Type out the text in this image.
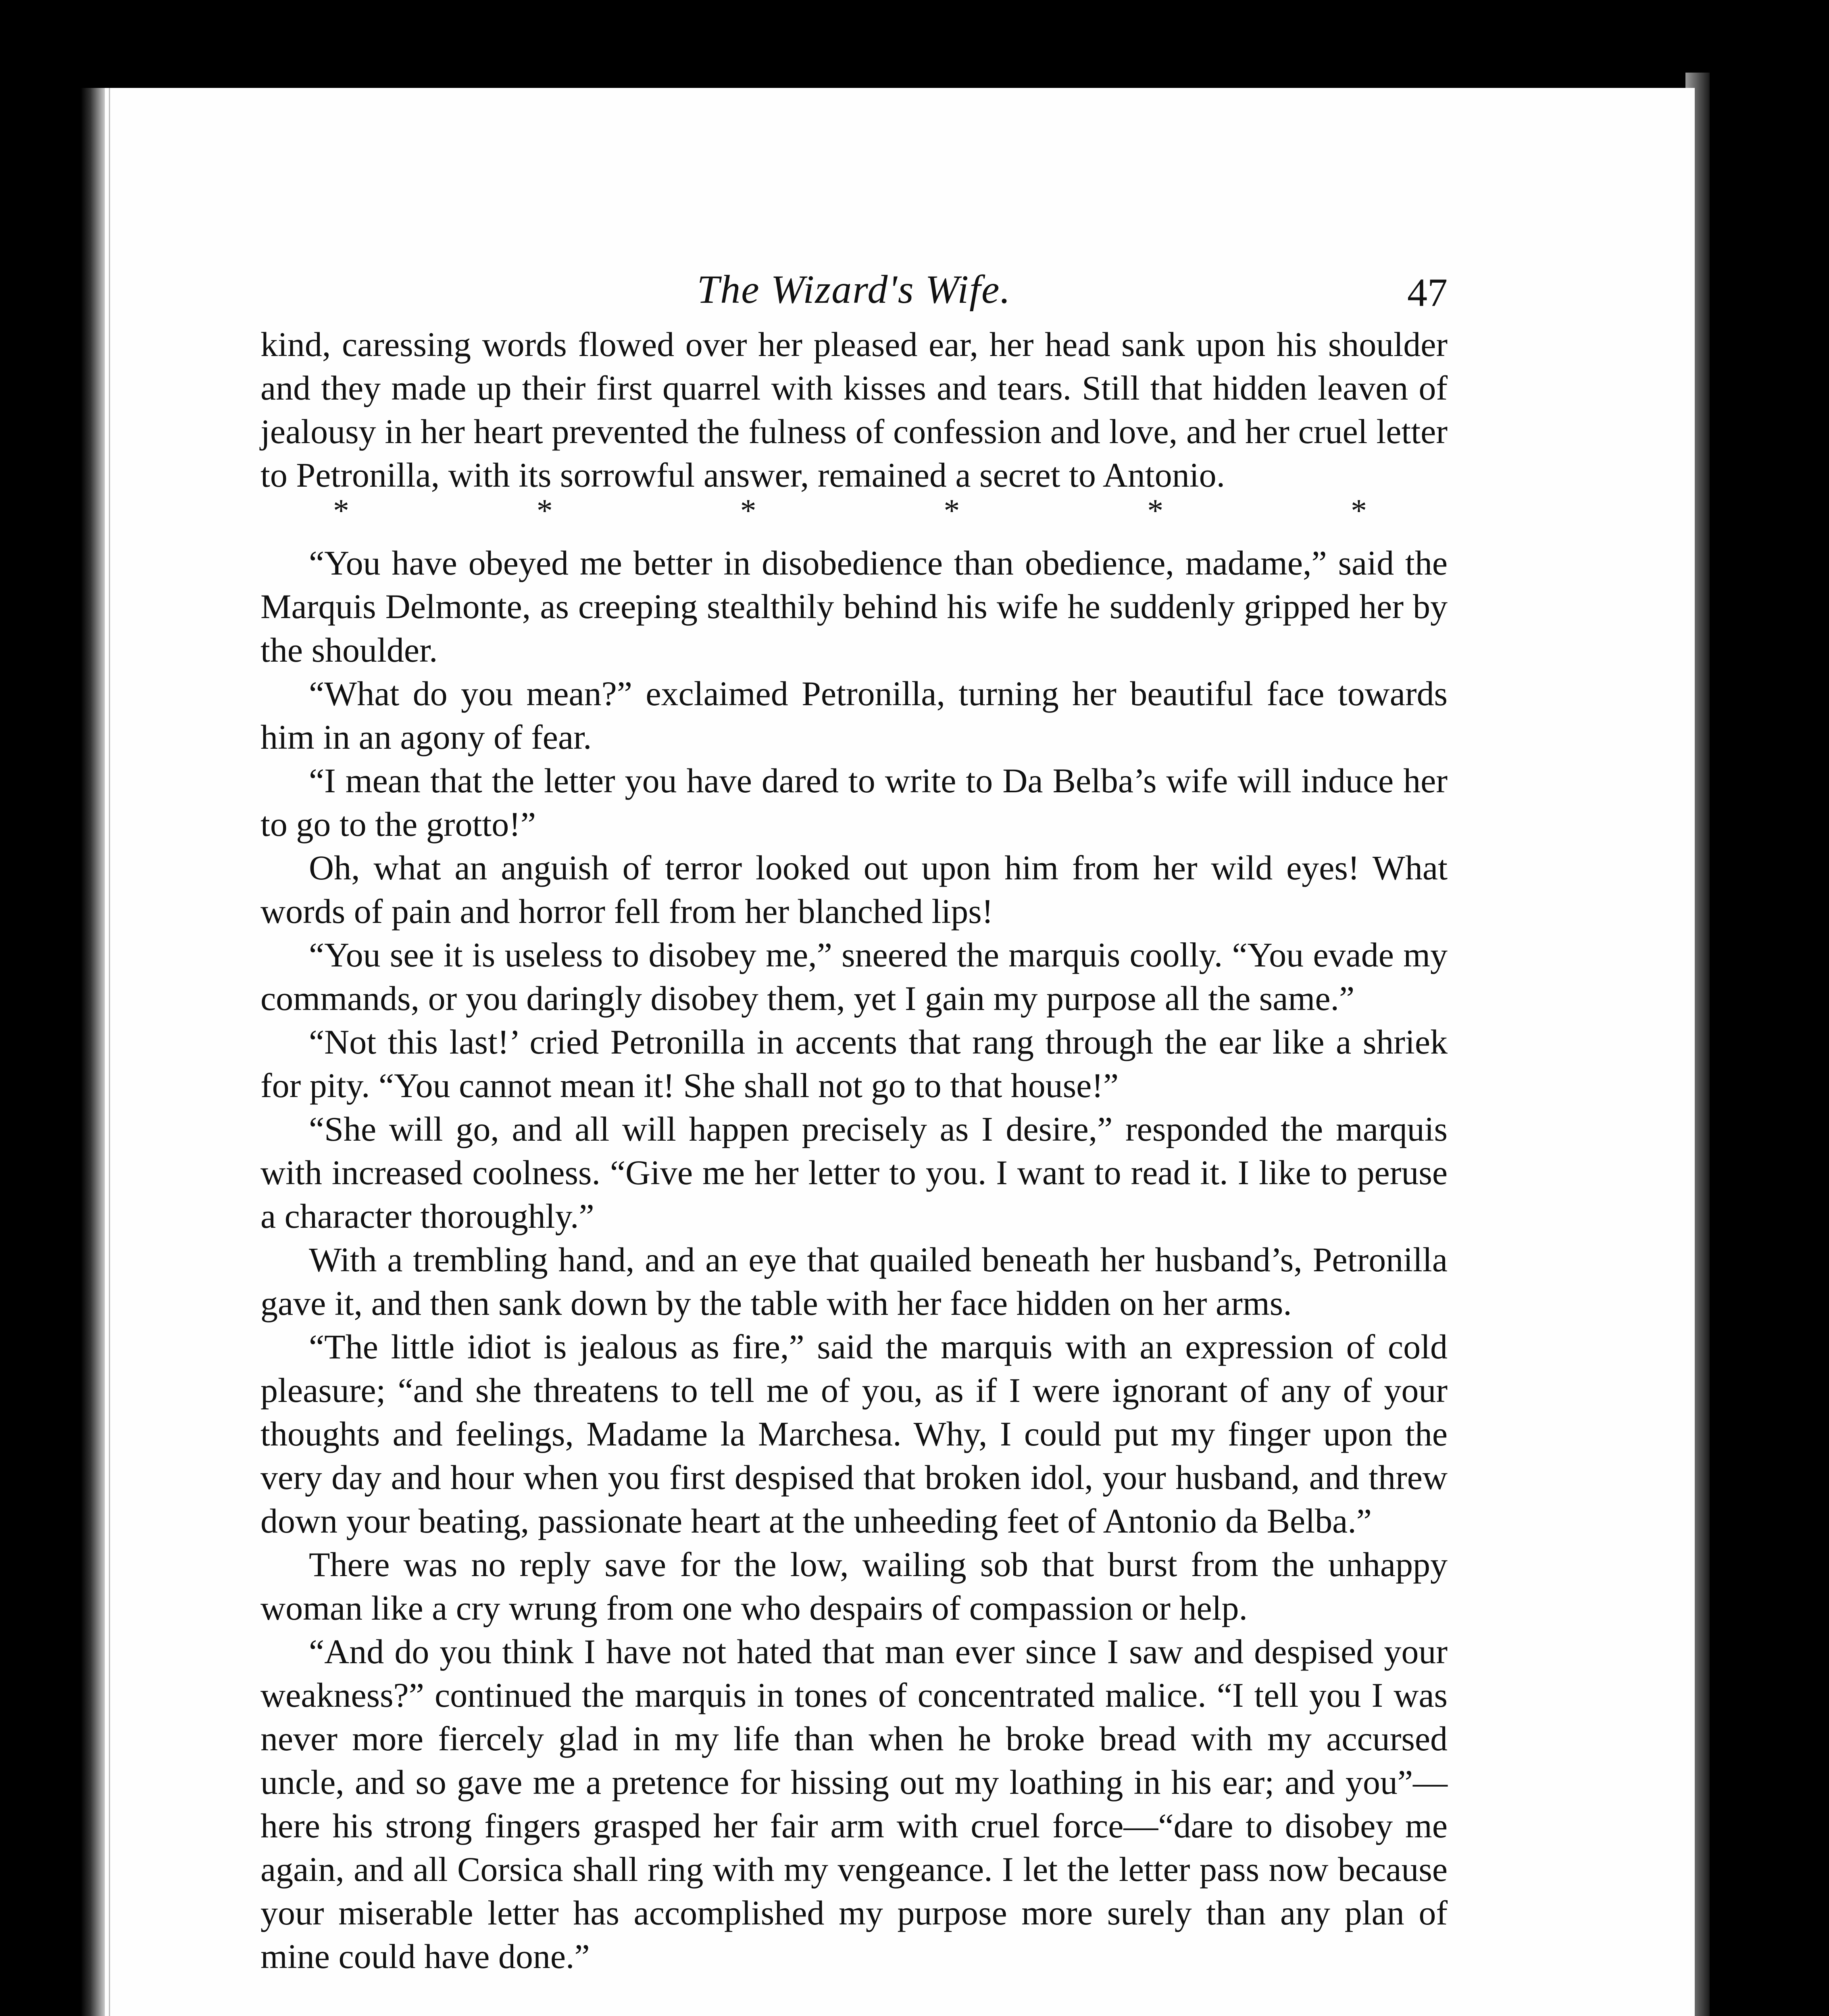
The Wizard's Wife.	47

kind, caressing words flowed over her pleased ear, her head sank upon his shoulder and they made up their first quarrel with kisses and tears. Still that hidden leaven of jealousy in her heart prevented the fulness of confession and love, and her cruel letter to Petronilla, with its sorrowful answer, remained a secret to Antonio.

*	*	*	*	*	*

“You have obeyed me better in disobedience than obedience, madame,” said the Marquis Delmonte, as creeping stealthily behind his wife he suddenly gripped her by the shoulder.

“What do you mean?” exclaimed Petronilla, turning her beautiful face towards him in an agony of fear.

“I mean that the letter you have dared to write to Da Belba’s wife will induce her to go to the grotto!”

Oh, what an anguish of terror looked out upon him from her wild eyes! What words of pain and horror fell from her blanched lips!

“You see it is useless to disobey me,” sneered the marquis coolly. “You evade my commands, or you daringly disobey them, yet I gain my purpose all the same.”

“Not this last!’ cried Petronilla in accents that rang through the ear like a shriek for pity. “You cannot mean it! She shall not go to that house!”

“She will go, and all will happen precisely as I desire,” responded the marquis with increased coolness. “Give me her letter to you. I want to read it. I like to peruse a character thoroughly.”

With a trembling hand, and an eye that quailed beneath her husband’s, Petronilla gave it, and then sank down by the table with her face hidden on her arms.

“The little idiot is jealous as fire,” said the marquis with an expression of cold pleasure; “and she threatens to tell me of you, as if I were ignorant of any of your thoughts and feelings, Madame la Marchesa. Why, I could put my finger upon the very day and hour when you first despised that broken idol, your husband, and threw down your beating, passionate heart at the unheeding feet of Antonio da Belba.”

There was no reply save for the low, wailing sob that burst from the unhappy woman like a cry wrung from one who despairs of compassion or help.

“And do you think I have not hated that man ever since I saw and despised your weakness?” continued the marquis in tones of concentrated malice. “I tell you I was never more fiercely glad in my life than when he broke bread with my accursed uncle, and so gave me a pretence for hissing out my loathing in his ear; and you”—here his strong fingers grasped her fair arm with cruel force—“dare to disobey me again, and all Corsica shall ring with my vengeance. I let the letter pass now because your miserable letter has accomplished my purpose more surely than any plan of mine could have done.”
